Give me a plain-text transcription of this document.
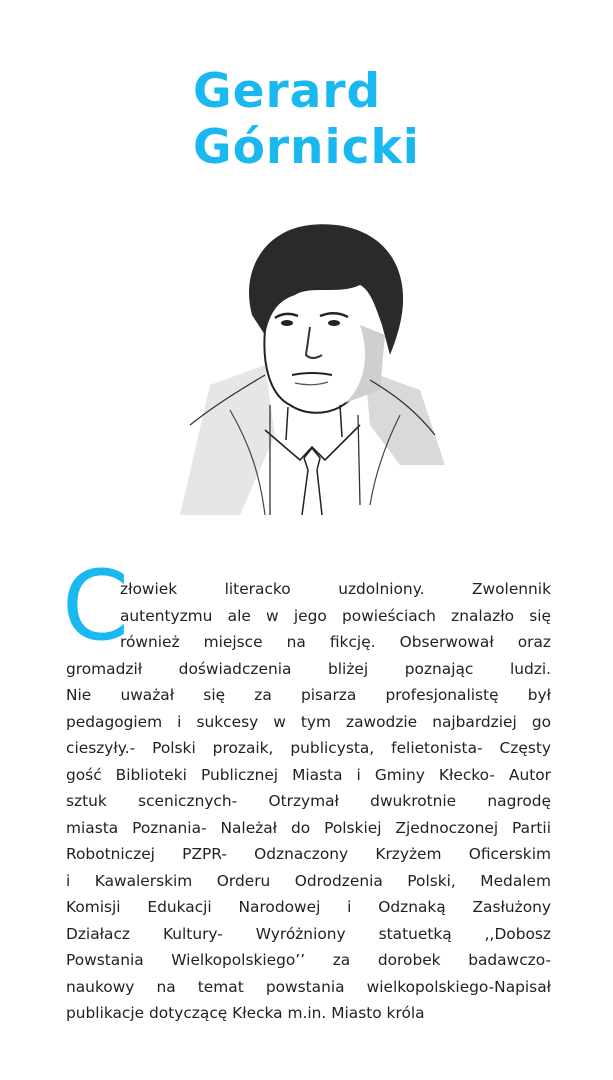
Gerard
Górnicki
C
złowiek literacko uzdolniony. Zwolennik
autentyzmu ale w jego powieściach znalazło się
również miejsce na fikcję. Obserwował oraz
gromadził doświadczenia bliżej poznając ludzi.
Nie uważał się za pisarza profesjonalistę był
pedagogiem i sukcesy w tym zawodzie najbardziej go
cieszyły.- Polski prozaik, publicysta, felietonista- Częsty
gość Biblioteki Publicznej Miasta i Gminy Kłecko- Autor
sztuk scenicznych- Otrzymał dwukrotnie nagrodę
miasta Poznania- Należał do Polskiej Zjednoczonej Partii
Robotniczej PZPR- Odznaczony Krzyżem Oficerskim
i Kawalerskim Orderu Odrodzenia Polski, Medalem
Komisji Edukacji Narodowej i Odznaką Zasłużony
Działacz Kultury- Wyróżniony statuetką ,,Dobosz
Powstania Wielkopolskiego’’ za dorobek badawczo-
naukowy na temat powstania wielkopolskiego-Napisał
publikacje dotyczącę Kłecka m.in. Miasto króla
